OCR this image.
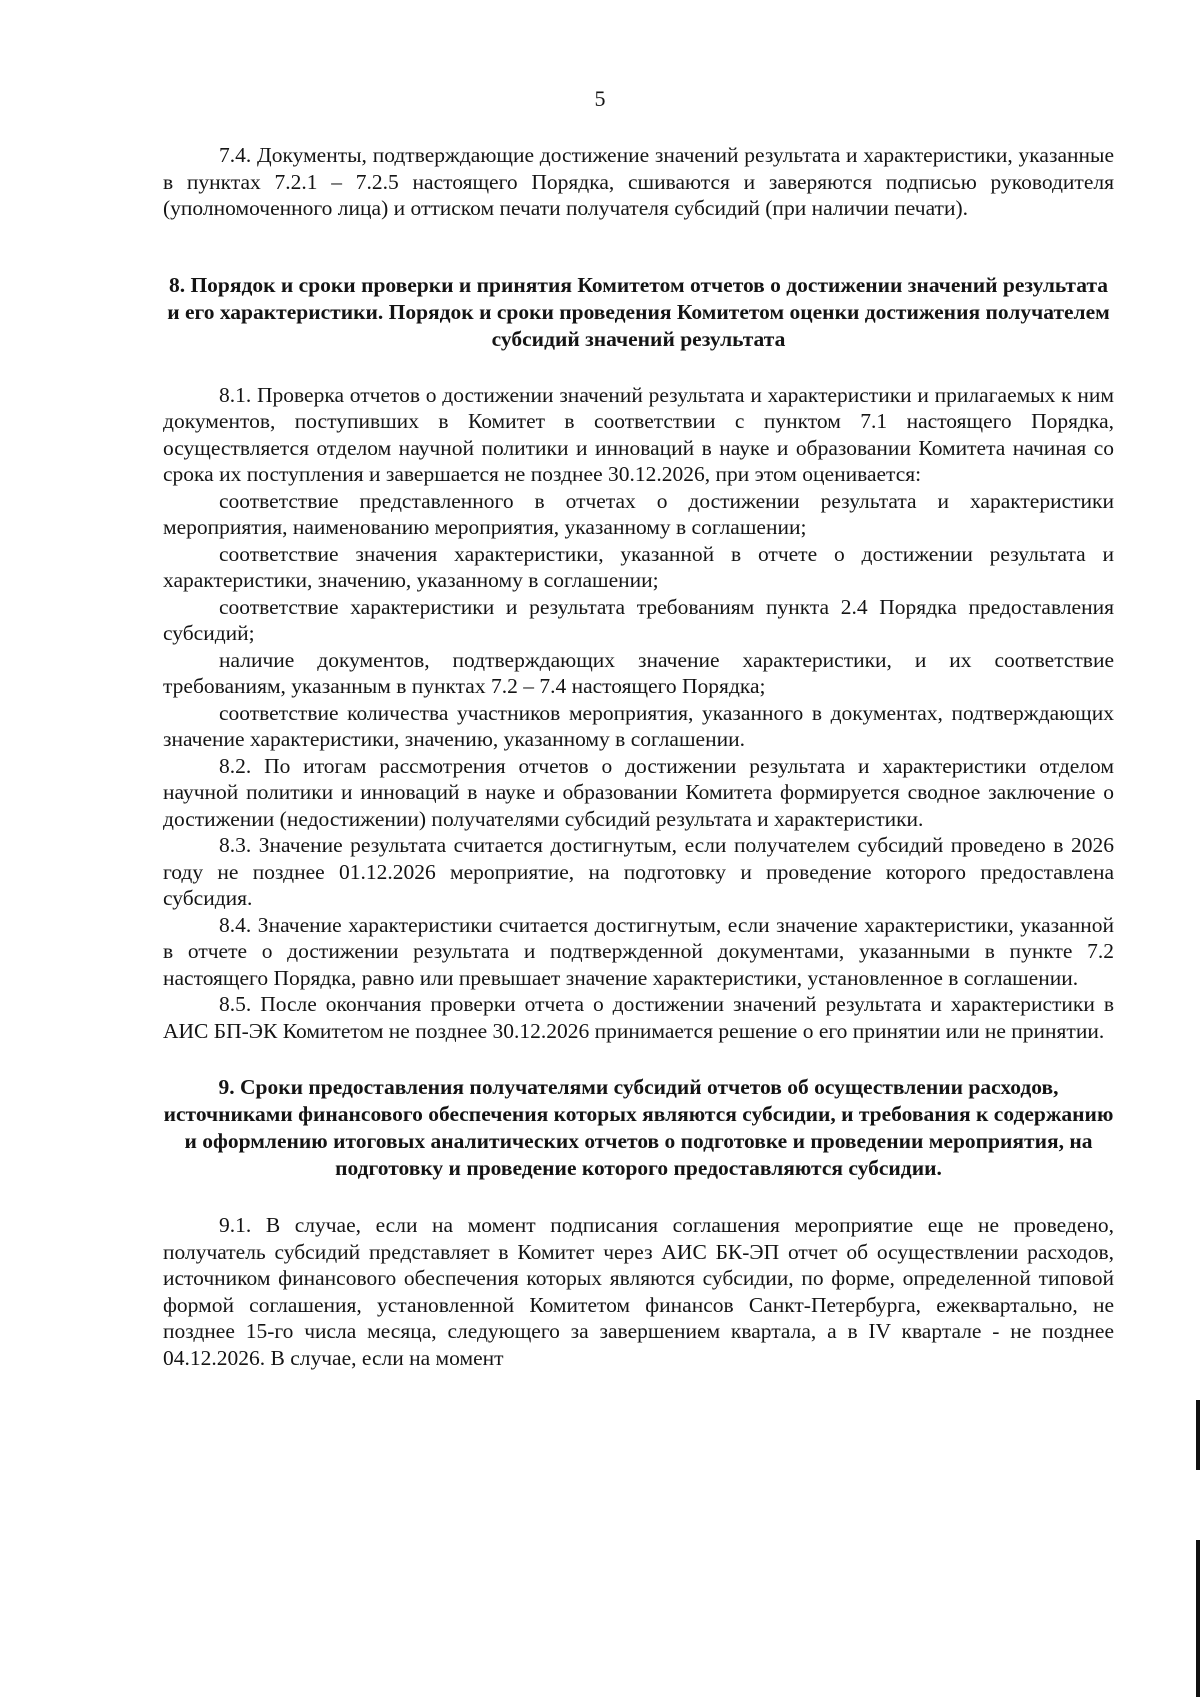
5

7.4. Документы, подтверждающие достижение значений результата и характеристики, указанные в пунктах 7.2.1 – 7.2.5 настоящего Порядка, сшиваются и заверяются подписью руководителя (уполномоченного лица) и оттиском печати получателя субсидий (при наличии печати).

8. Порядок и сроки проверки и принятия Комитетом отчетов о достижении значений результата и его характеристики. Порядок и сроки проведения Комитетом оценки достижения получателем субсидий значений результата

8.1. Проверка отчетов о достижении значений результата и характеристики и прилагаемых к ним документов, поступивших в Комитет в соответствии с пунктом 7.1 настоящего Порядка, осуществляется отделом научной политики и инноваций в науке и образовании Комитета начиная со срока их поступления и завершается не позднее 30.12.2026, при этом оценивается:

соответствие представленного в отчетах о достижении результата и характеристики мероприятия, наименованию мероприятия, указанному в соглашении;

соответствие значения характеристики, указанной в отчете о достижении результата и характеристики, значению, указанному в соглашении;

соответствие характеристики и результата требованиям пункта 2.4 Порядка предоставления субсидий;

наличие документов, подтверждающих значение характеристики, и их соответствие требованиям, указанным в пунктах 7.2 – 7.4 настоящего Порядка;

соответствие количества участников мероприятия, указанного в документах, подтверждающих значение характеристики, значению, указанному в соглашении.

8.2. По итогам рассмотрения отчетов о достижении результата и характеристики отделом научной политики и инноваций в науке и образовании Комитета формируется сводное заключение о достижении (недостижении) получателями субсидий результата и характеристики.

8.3. Значение результата считается достигнутым, если получателем субсидий проведено в 2026 году не позднее 01.12.2026 мероприятие, на подготовку и проведение которого предоставлена субсидия.

8.4. Значение характеристики считается достигнутым, если значение характеристики, указанной в отчете о достижении результата и подтвержденной документами, указанными в пункте 7.2 настоящего Порядка, равно или превышает значение характеристики, установленное в соглашении.

8.5. После окончания проверки отчета о достижении значений результата и характеристики в АИС БП-ЭК Комитетом не позднее 30.12.2026 принимается решение о его принятии или не принятии.

9. Сроки предоставления получателями субсидий отчетов об осуществлении расходов, источниками финансового обеспечения которых являются субсидии, и требования к содержанию и оформлению итоговых аналитических отчетов о подготовке и проведении мероприятия, на подготовку и проведение которого предоставляются субсидии.

9.1. В случае, если на момент подписания соглашения мероприятие еще не проведено, получатель субсидий представляет в Комитет через АИС БК-ЭП отчет об осуществлении расходов, источником финансового обеспечения которых являются субсидии, по форме, определенной типовой формой соглашения, установленной Комитетом финансов Санкт-Петербурга, ежеквартально, не позднее 15-го числа месяца, следующего за завершением квартала, а в IV квартале - не позднее 04.12.2026. В случае, если на момент
